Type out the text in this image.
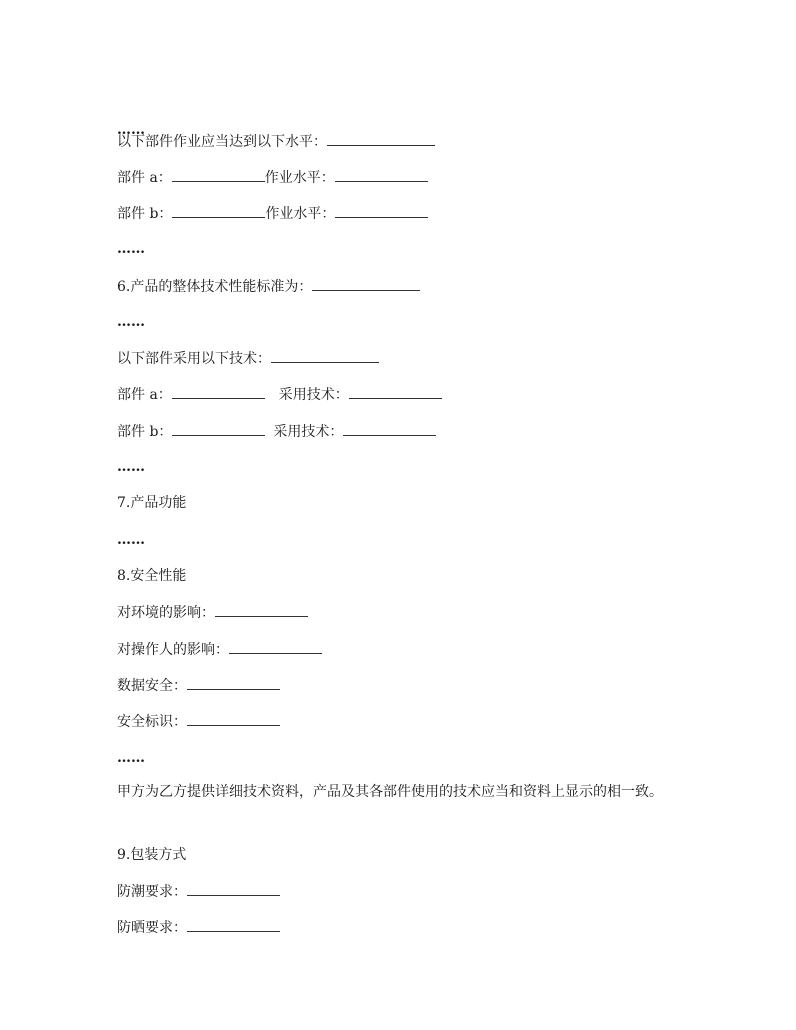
……
以下部件作业应当达到以下水平：
部件 a：	作业水平：
部件 b：	作业水平：
……
6.产品的整体技术性能标准为：
……
以下部件采用以下技术：
部件 a：	采用技术：
部件 b：	采用技术：
……
7.产品功能
……
8.安全性能
对环境的影响：
对操作人的影响：
数据安全：
安全标识：
……
甲方为乙方提供详细技术资料，产品及其各部件使用的技术应当和资料上显示的相一致。
9.包装方式
防潮要求：
防晒要求：
